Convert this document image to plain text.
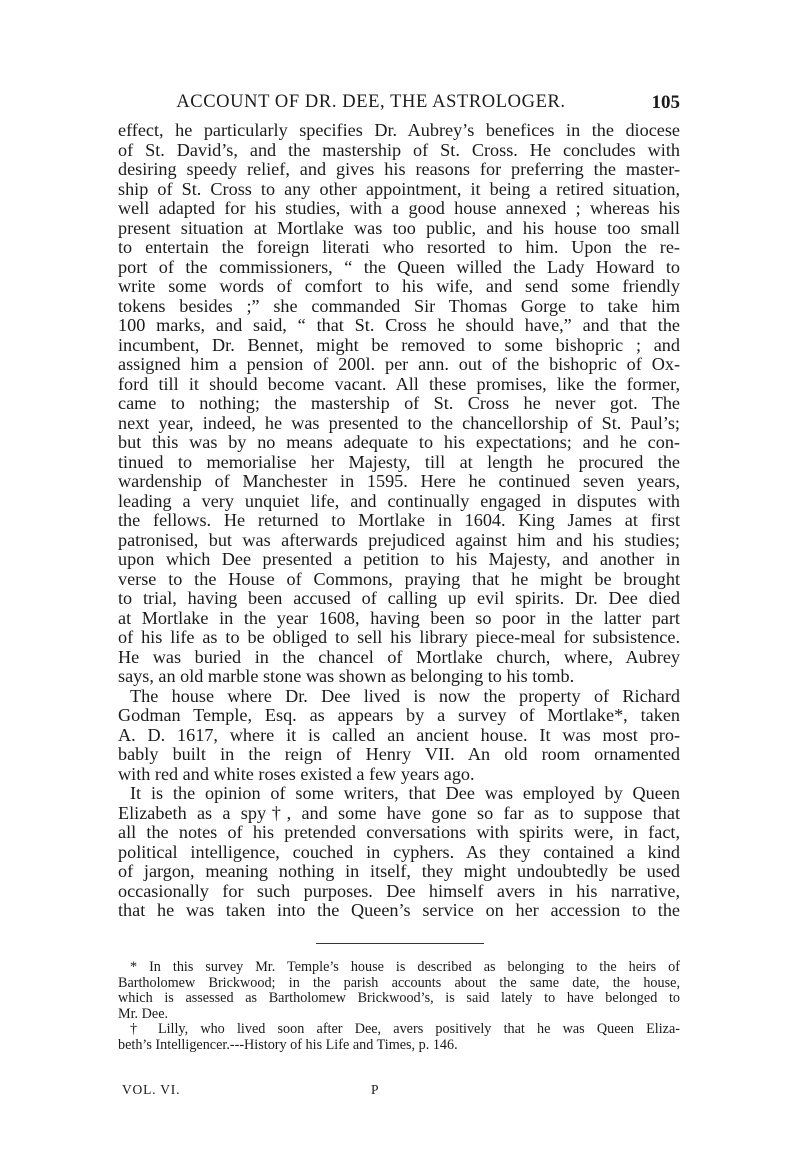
ACCOUNT OF DR. DEE, THE ASTROLOGER.	105
effect, he particularly specifies Dr. Aubrey’s benefices in the diocese
of St. David’s, and the mastership of St. Cross. He concludes with
desiring speedy relief, and gives his reasons for preferring the master-
ship of St. Cross to any other appointment, it being a retired situation,
well adapted for his studies, with a good house annexed ; whereas his
present situation at Mortlake was too public, and his house too small
to entertain the foreign literati who resorted to him. Upon the re-
port of the commissioners, “ the Queen willed the Lady Howard to
write some words of comfort to his wife, and send some friendly
tokens besides ;” she commanded Sir Thomas Gorge to take him
100 marks, and said, “ that St. Cross he should have,” and that the
incumbent, Dr. Bennet, might be removed to some bishopric ; and
assigned him a pension of 200l. per ann. out of the bishopric of Ox-
ford till it should become vacant. All these promises, like the former,
came to nothing; the mastership of St. Cross he never got. The
next year, indeed, he was presented to the chancellorship of St. Paul’s;
but this was by no means adequate to his expectations; and he con-
tinued to memorialise her Majesty, till at length he procured the
wardenship of Manchester in 1595. Here he continued seven years,
leading a very unquiet life, and continually engaged in disputes with
the fellows. He returned to Mortlake in 1604. King James at first
patronised, but was afterwards prejudiced against him and his studies;
upon which Dee presented a petition to his Majesty, and another in
verse to the House of Commons, praying that he might be brought
to trial, having been accused of calling up evil spirits. Dr. Dee died
at Mortlake in the year 1608, having been so poor in the latter part
of his life as to be obliged to sell his library piece-meal for subsistence.
He was buried in the chancel of Mortlake church, where, Aubrey
says, an old marble stone was shown as belonging to his tomb.
The house where Dr. Dee lived is now the property of Richard
Godman Temple, Esq. as appears by a survey of Mortlake*, taken
A. D. 1617, where it is called an ancient house. It was most pro-
bably built in the reign of Henry VII. An old room ornamented
with red and white roses existed a few years ago.
It is the opinion of some writers, that Dee was employed by Queen
Elizabeth as a spy†, and some have gone so far as to suppose that
all the notes of his pretended conversations with spirits were, in fact,
political intelligence, couched in cyphers. As they contained a kind
of jargon, meaning nothing in itself, they might undoubtedly be used
occasionally for such purposes. Dee himself avers in his narrative,
that he was taken into the Queen’s service on her accession to the
* In this survey Mr. Temple’s house is described as belonging to the heirs of
Bartholomew Brickwood; in the parish accounts about the same date, the house,
which is assessed as Bartholomew Brickwood’s, is said lately to have belonged to
Mr. Dee.
† Lilly, who lived soon after Dee, avers positively that he was Queen Eliza-
beth’s Intelligencer.---History of his Life and Times, p. 146.
VOL. VI.	P
